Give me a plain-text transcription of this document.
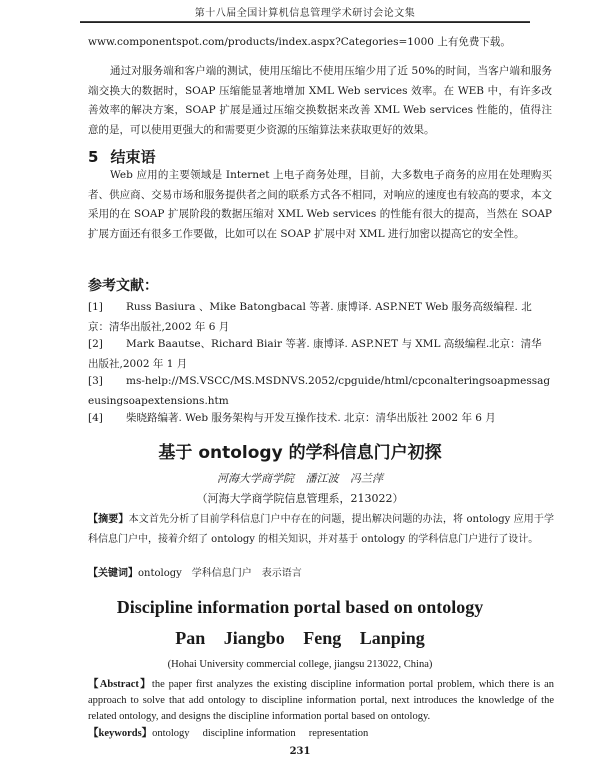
第十八届全国计算机信息管理学术研讨会论文集
www.componentspot.com/products/index.aspx?Categories=1000 上有免费下载。
通过对服务端和客户端的测试，使用压缩比不使用压缩少用了近 50%的时间，当客户端和服务端交换大的数据时，SOAP 压缩能显著地增加 XML Web services 效率。在 WEB 中，有许多改善效率的解决方案，SOAP 扩展是通过压缩交换数据来改善 XML Web services 性能的，值得注意的是，可以使用更强大的和需要更少资源的压缩算法来获取更好的效果。
5 结束语
Web 应用的主要领域是 Internet 上电子商务处理，目前，大多数电子商务的应用在处理购买者、供应商、交易市场和服务提供者之间的联系方式各不相同，对响应的速度也有较高的要求，本文采用的在 SOAP 扩展阶段的数据压缩对 XML Web services 的性能有很大的提高，当然在 SOAP 扩展方面还有很多工作要做，比如可以在 SOAP 扩展中对 XML 进行加密以提高它的安全性。
参考文献：
[1] Russ Basiura 、Mike Batongbacal 等著. 康博译. ASP.NET Web 服务高级编程. 北京：清华出版社,2002 年 6 月
[2] Mark Baautse、Richard Biair 等著. 康博译. ASP.NET 与 XML 高级编程.北京：清华出版社,2002 年 1 月
[3] ms-help://MS.VSCC/MS.MSDNVS.2052/cpguide/html/cpconalteringsoapmessageusingsoapextensions.htm
[4] 柴晓路编著. Web 服务架构与开发互操作技术. 北京：清华出版社 2002 年 6 月
基于 ontology 的学科信息门户初探
河海大学商学院 潘江波 冯兰萍
（河海大学商学院信息管理系，213022）
【摘要】本文首先分析了目前学科信息门户中存在的问题，提出解决问题的办法，将 ontology 应用于学科信息门户中，接着介绍了 ontology 的相关知识，并对基于 ontology 的学科信息门户进行了设计。
【关键词】ontology　学科信息门户　表示语言
Discipline information portal based on ontology
Pan Jiangbo Feng Lanping
(Hohai University commercial college, jiangsu 213022, China)
【Abstract】the paper first analyzes the existing discipline information portal problem, which there is an approach to solve that add ontology to discipline information portal, next introduces the knowledge of the related ontology, and designs the discipline information portal based on ontology.
【keywords】ontology　 discipline information　 representation
231
